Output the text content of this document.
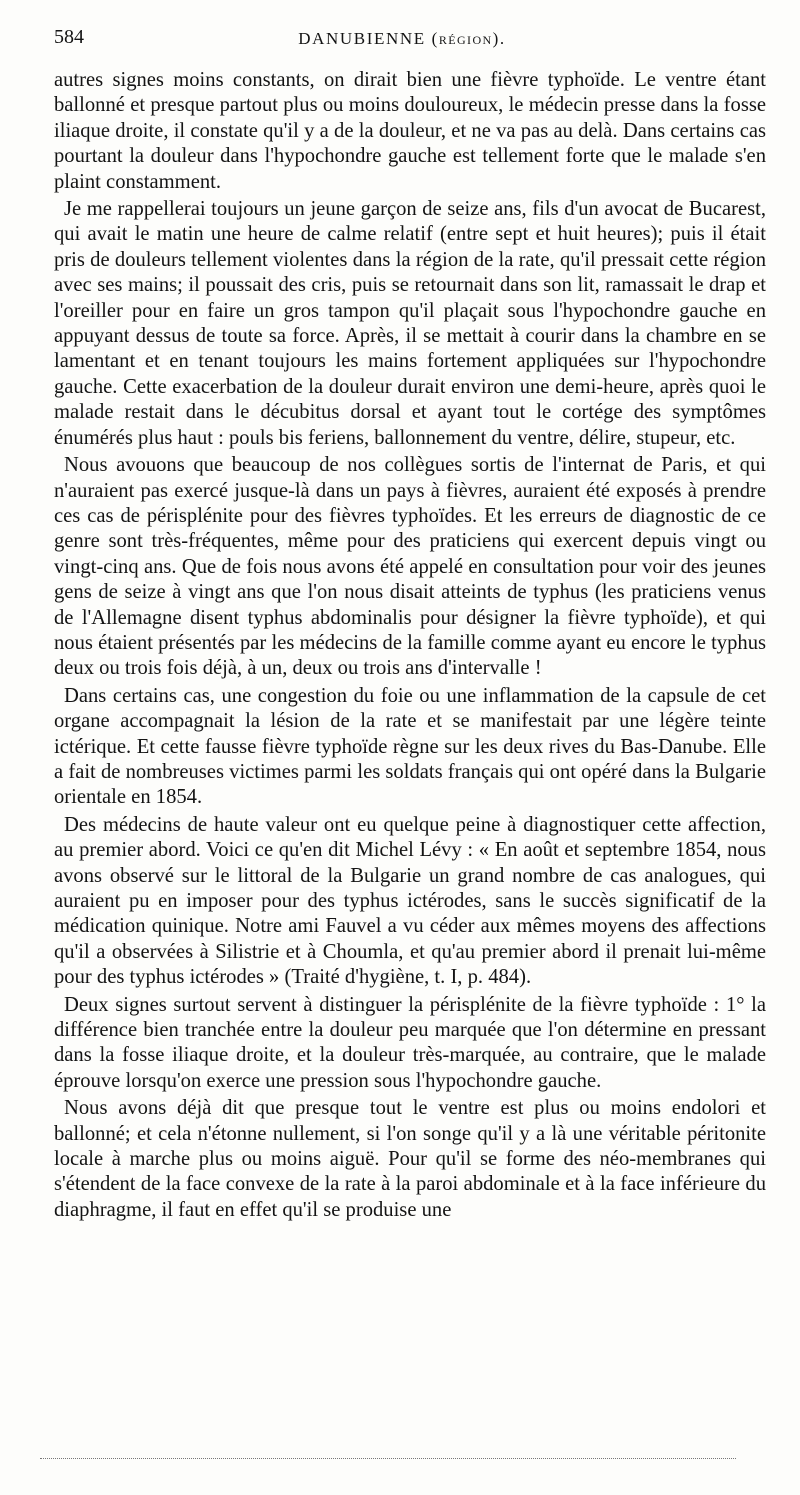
584	DANUBIENNE (RÉGION).

autres signes moins constants, on dirait bien une fièvre typhoïde. Le ventre étant ballonné et presque partout plus ou moins douloureux, le médecin presse dans la fosse iliaque droite, il constate qu'il y a de la douleur, et ne va pas au delà. Dans certains cas pourtant la douleur dans l'hypochondre gauche est tellement forte que le malade s'en plaint constamment.

Je me rappellerai toujours un jeune garçon de seize ans, fils d'un avocat de Bucarest, qui avait le matin une heure de calme relatif (entre sept et huit heures); puis il était pris de douleurs tellement violentes dans la région de la rate, qu'il pressait cette région avec ses mains; il poussait des cris, puis se retournait dans son lit, ramassait le drap et l'oreiller pour en faire un gros tampon qu'il plaçait sous l'hypochondre gauche en appuyant dessus de toute sa force. Après, il se mettait à courir dans la chambre en se lamentant et en tenant toujours les mains fortement appliquées sur l'hypochondre gauche. Cette exacerbation de la douleur durait environ une demi-heure, après quoi le malade restait dans le décubitus dorsal et ayant tout le cortége des symptômes énumérés plus haut : pouls bis feriens, ballonnement du ventre, délire, stupeur, etc.

Nous avouons que beaucoup de nos collègues sortis de l'internat de Paris, et qui n'auraient pas exercé jusque-là dans un pays à fièvres, auraient été exposés à prendre ces cas de périsplénite pour des fièvres typhoïdes. Et les erreurs de diagnostic de ce genre sont très-fréquentes, même pour des praticiens qui exercent depuis vingt ou vingt-cinq ans. Que de fois nous avons été appelé en consultation pour voir des jeunes gens de seize à vingt ans que l'on nous disait atteints de typhus (les praticiens venus de l'Allemagne disent typhus abdominalis pour désigner la fièvre typhoïde), et qui nous étaient présentés par les médecins de la famille comme ayant eu encore le typhus deux ou trois fois déjà, à un, deux ou trois ans d'intervalle !

Dans certains cas, une congestion du foie ou une inflammation de la capsule de cet organe accompagnait la lésion de la rate et se manifestait par une légère teinte ictérique. Et cette fausse fièvre typhoïde règne sur les deux rives du Bas-Danube. Elle a fait de nombreuses victimes parmi les soldats français qui ont opéré dans la Bulgarie orientale en 1854.

Des médecins de haute valeur ont eu quelque peine à diagnostiquer cette affection, au premier abord. Voici ce qu'en dit Michel Lévy : « En août et septembre 1854, nous avons observé sur le littoral de la Bulgarie un grand nombre de cas analogues, qui auraient pu en imposer pour des typhus ictérodes, sans le succès significatif de la médication quinique. Notre ami Fauvel a vu céder aux mêmes moyens des affections qu'il a observées à Silistrie et à Choumla, et qu'au premier abord il prenait lui-même pour des typhus ictérodes » (Traité d'hygiène, t. I, p. 484).

Deux signes surtout servent à distinguer la périsplénite de la fièvre typhoïde : 1° la différence bien tranchée entre la douleur peu marquée que l'on détermine en pressant dans la fosse iliaque droite, et la douleur très-marquée, au contraire, que le malade éprouve lorsqu'on exerce une pression sous l'hypochondre gauche.

Nous avons déjà dit que presque tout le ventre est plus ou moins endolori et ballonné; et cela n'étonne nullement, si l'on songe qu'il y a là une véritable péritonite locale à marche plus ou moins aiguë. Pour qu'il se forme des néo-membranes qui s'étendent de la face convexe de la rate à la paroi abdominale et à la face inférieure du diaphragme, il faut en effet qu'il se produise une
